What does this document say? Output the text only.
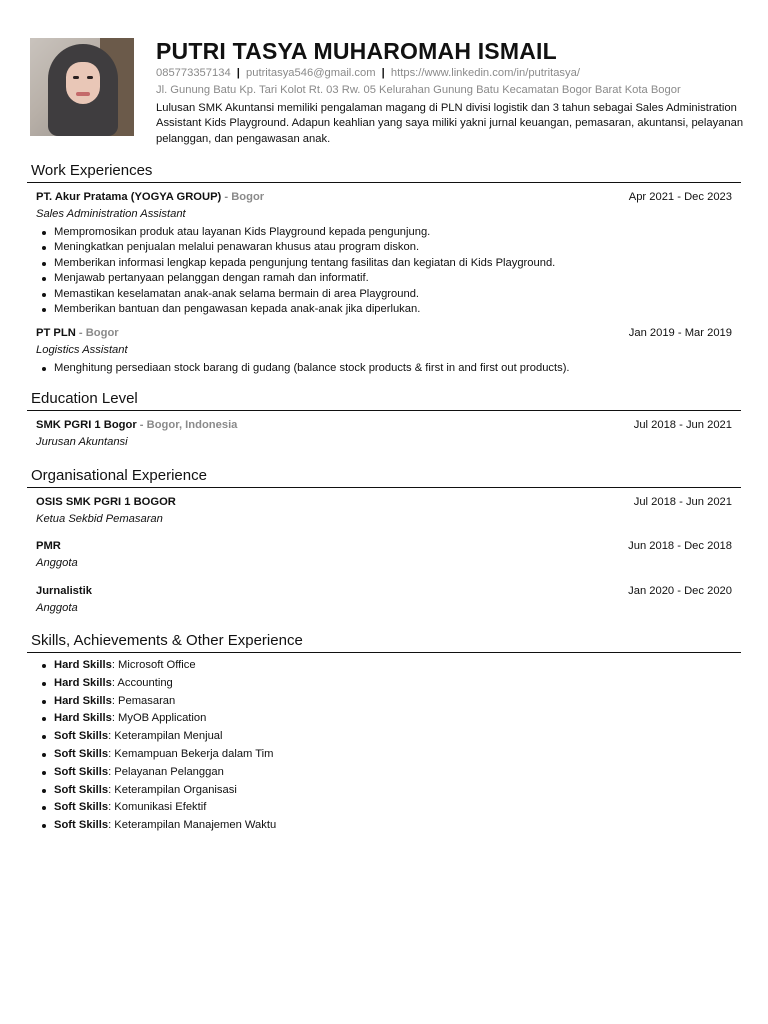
PUTRI TASYA MUHAROMAH ISMAIL
085773357134 | putritasya546@gmail.com | https://www.linkedin.com/in/putritasya/
Jl. Gunung Batu Kp. Tari Kolot Rt. 03 Rw. 05 Kelurahan Gunung Batu Kecamatan Bogor Barat Kota Bogor
Lulusan SMK Akuntansi memiliki pengalaman magang di PLN divisi logistik dan 3 tahun sebagai Sales Administration Assistant Kids Playground. Adapun keahlian yang saya miliki yakni jurnal keuangan, pemasaran, akuntansi, pelayanan pelanggan, dan pengawasan anak.
Work Experiences
PT. Akur Pratama (YOGYA GROUP) - Bogor	Apr 2021 - Dec 2023
Sales Administration Assistant
Mempromosikan produk atau layanan Kids Playground kepada pengunjung.
Meningkatkan penjualan melalui penawaran khusus atau program diskon.
Memberikan informasi lengkap kepada pengunjung tentang fasilitas dan kegiatan di Kids Playground.
Menjawab pertanyaan pelanggan dengan ramah dan informatif.
Memastikan keselamatan anak-anak selama bermain di area Playground.
Memberikan bantuan dan pengawasan kepada anak-anak jika diperlukan.
PT PLN - Bogor	Jan 2019 - Mar 2019
Logistics Assistant
Menghitung persediaan stock barang di gudang (balance stock products & first in and first out products).
Education Level
SMK PGRI 1 Bogor - Bogor, Indonesia	Jul 2018 - Jun 2021
Jurusan Akuntansi
Organisational Experience
OSIS SMK PGRI 1 BOGOR	Jul 2018 - Jun 2021
Ketua Sekbid Pemasaran
PMR	Jun 2018 - Dec 2018
Anggota
Jurnalistik	Jan 2020 - Dec 2020
Anggota
Skills, Achievements & Other Experience
Hard Skills: Microsoft Office
Hard Skills: Accounting
Hard Skills: Pemasaran
Hard Skills: MyOB Application
Soft Skills: Keterampilan Menjual
Soft Skills: Kemampuan Bekerja dalam Tim
Soft Skills: Pelayanan Pelanggan
Soft Skills: Keterampilan Organisasi
Soft Skills: Komunikasi Efektif
Soft Skills: Keterampilan Manajemen Waktu
